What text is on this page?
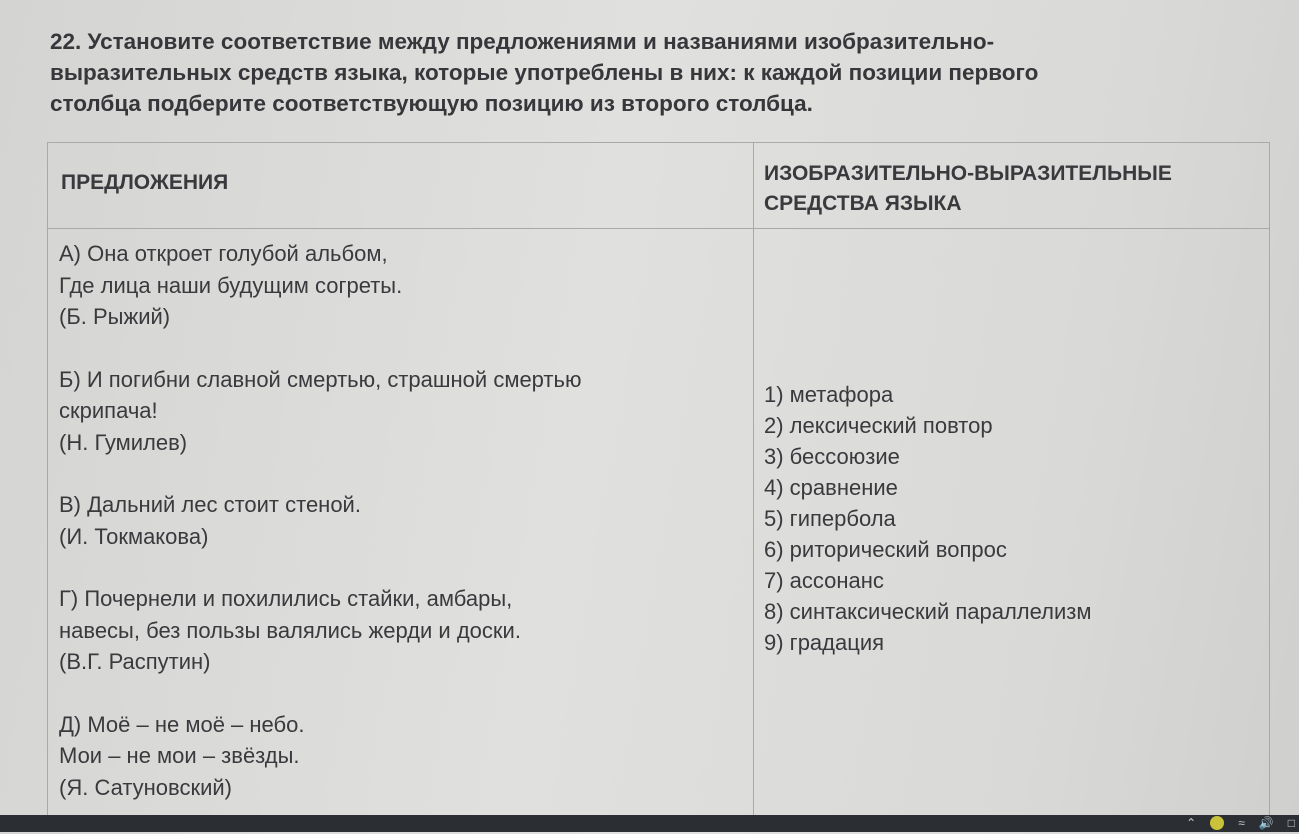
22. Установите соответствие между предложениями и названиями изобразительно-
выразительных средств языка, которые употреблены в них: к каждой позиции первого
столбца подберите соответствующую позицию из второго столбца.
ПРЕДЛОЖЕНИЯ	ИЗОБРАЗИТЕЛЬНО-ВЫРАЗИТЕЛЬНЫЕ
СРЕДСТВА ЯЗЫКА
А) Она откроет голубой альбом,
Где лица наши будущим согреты.
(Б. Рыжий)
Б) И погибни славной смертью, страшной смертью
скрипача!
(Н. Гумилев)
В) Дальний лес стоит стеной.
(И. Токмакова)
Г) Почернели и похилились стайки, амбары,
навесы, без пользы валялись жерди и доски.
(В.Г. Распутин)
Д) Моё – не моё – небо.
Мои – не мои – звёзды.
(Я. Сатуновский)
1) метафора
2) лексический повтор
3) бессоюзие
4) сравнение
5) гипербола
6) риторический вопрос
7) ассонанс
8) синтаксический параллелизм
9) градация
⌃	≈ 🔊 □
